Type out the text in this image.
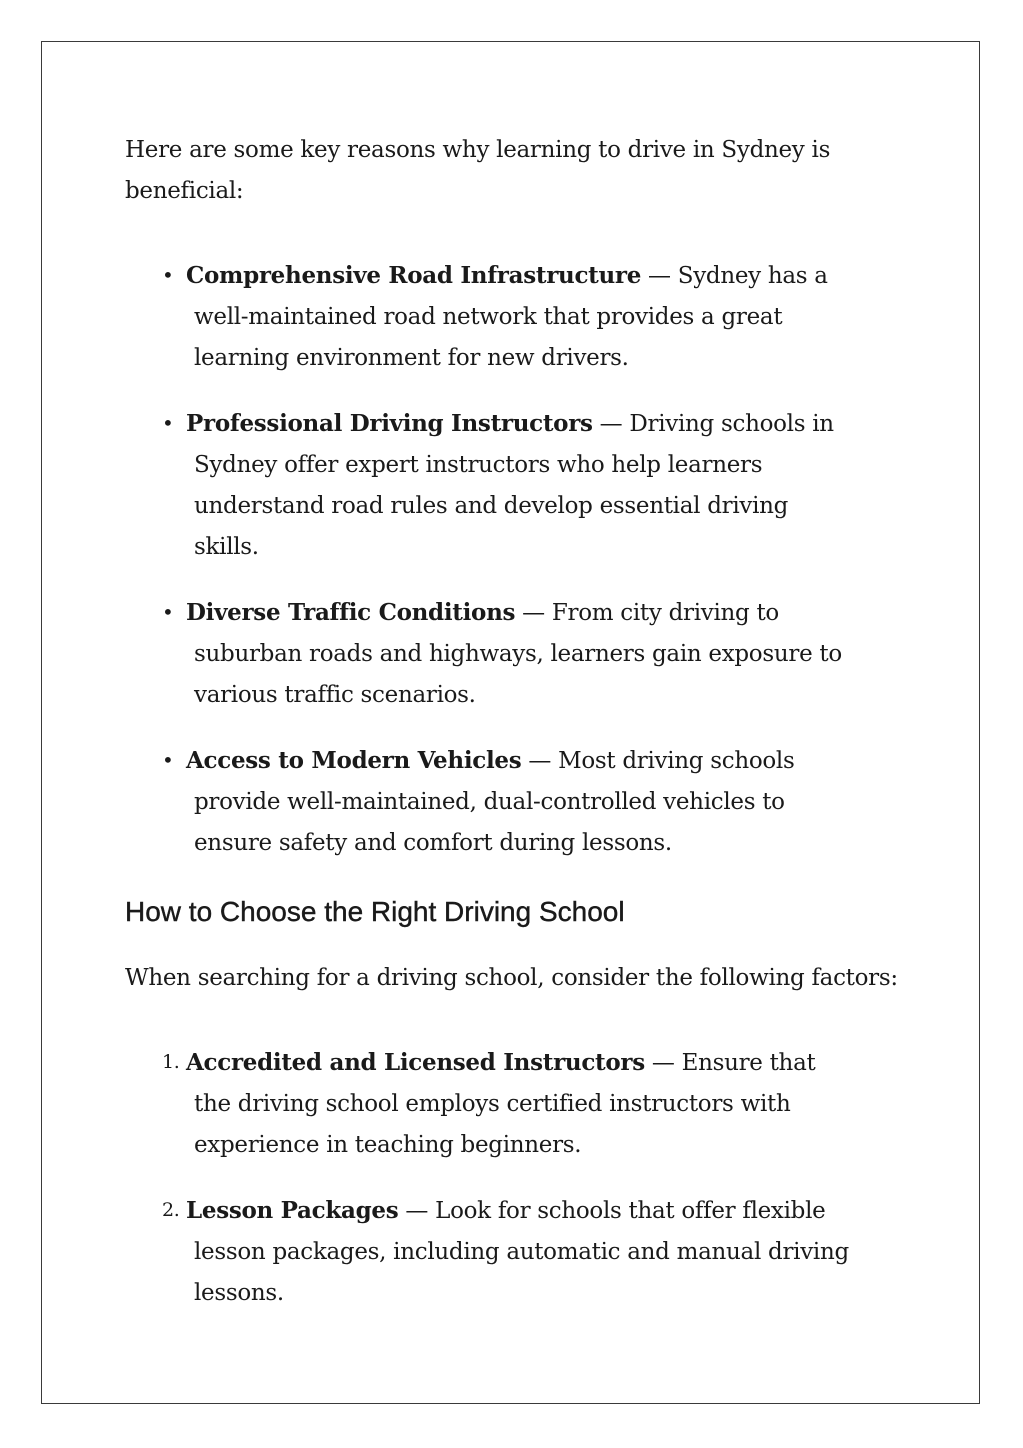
Here are some key reasons why learning to drive in Sydney is beneficial:

• Comprehensive Road Infrastructure — Sydney has a well-maintained road network that provides a great learning environment for new drivers.
• Professional Driving Instructors — Driving schools in Sydney offer expert instructors who help learners understand road rules and develop essential driving skills.
• Diverse Traffic Conditions — From city driving to suburban roads and highways, learners gain exposure to various traffic scenarios.
• Access to Modern Vehicles — Most driving schools provide well-maintained, dual-controlled vehicles to ensure safety and comfort during lessons.
How to Choose the Right Driving School

When searching for a driving school, consider the following factors:

1. Accredited and Licensed Instructors — Ensure that the driving school employs certified instructors with experience in teaching beginners.
2. Lesson Packages — Look for schools that offer flexible lesson packages, including automatic and manual driving lessons.
